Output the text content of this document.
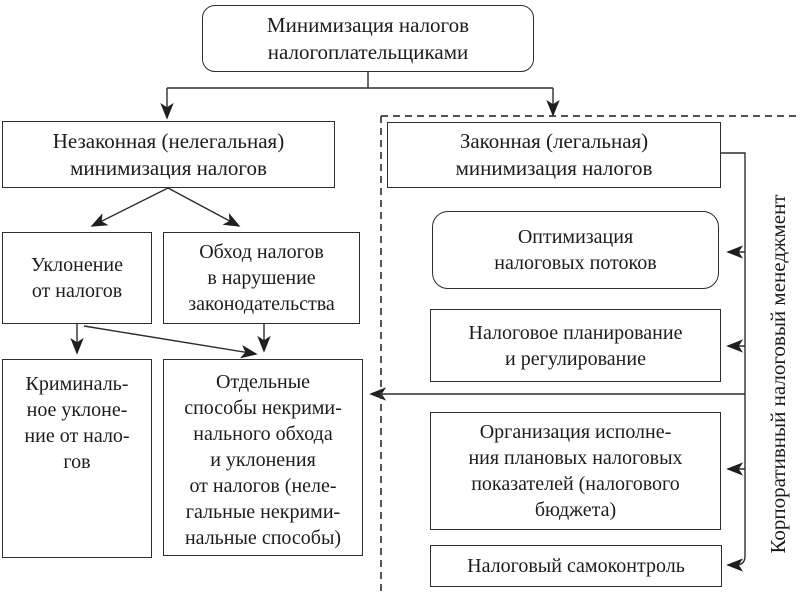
Минимизация налогов
налогоплательщиками
Незаконная (нелегальная)
минимизация налогов
Уклонение
от налогов
Обход налогов
в нарушение
законодательства
Криминаль-
ное уклоне-
ние от нало-
гов
Отдельные
способы некрими-
нального обхода
и уклонения
от налогов (неле-
гальные некрими-
нальные способы)
Законная (легальная)
минимизация налогов
Оптимизация
налоговых потоков
Налоговое планирование
и регулирование
Организация исполне-
ния плановых налоговых
показателей (налогового
бюджета)
Налоговый самоконтроль
Корпоративный налоговый менеджмент
